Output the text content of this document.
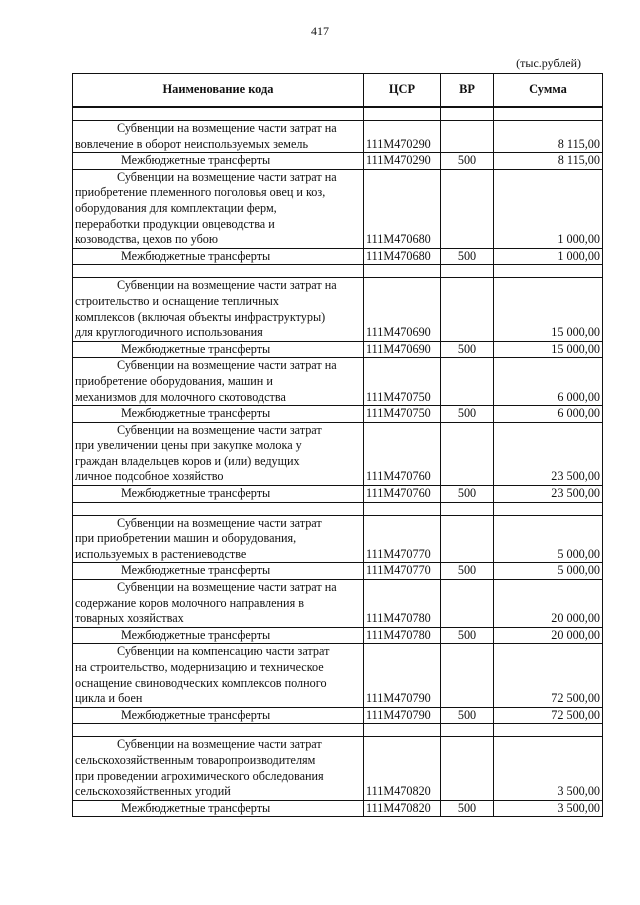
417
(тыс.рублей)
Наименование кода	ЦСР	ВР	Сумма

Субвенции на возмещение части затрат на
вовлечение в оборот неиспользуемых земель	111М470290		8 115,00
Межбюджетные трансферты	111М470290	500	8 115,00

Субвенции на возмещение части затрат на
приобретение племенного поголовья овец и коз,
оборудования для комплектации ферм,
переработки продукции овцеводства и
козоводства, цехов по убою	111М470680		1 000,00
Межбюджетные трансферты	111М470680	500	1 000,00

Субвенции на возмещение части затрат на
строительство и оснащение тепличных
комплексов (включая объекты инфраструктуры)
для круглогодичного использования	111М470690		15 000,00
Межбюджетные трансферты	111М470690	500	15 000,00

Субвенции на возмещение части затрат на
приобретение оборудования, машин и
механизмов для молочного скотоводства	111М470750		6 000,00
Межбюджетные трансферты	111М470750	500	6 000,00

Субвенции на возмещение части затрат
при увеличении цены при закупке молока у
граждан владельцев коров и (или) ведущих
личное подсобное хозяйство	111М470760		23 500,00
Межбюджетные трансферты	111М470760	500	23 500,00

Субвенции на возмещение части затрат
при приобретении машин и оборудования,
используемых в растениеводстве	111М470770		5 000,00
Межбюджетные трансферты	111М470770	500	5 000,00

Субвенции на возмещение части затрат на
содержание коров молочного направления в
товарных хозяйствах	111М470780		20 000,00
Межбюджетные трансферты	111М470780	500	20 000,00

Субвенции на компенсацию части затрат
на строительство, модернизацию и техническое
оснащение свиноводческих комплексов полного
цикла и боен	111М470790		72 500,00
Межбюджетные трансферты	111М470790	500	72 500,00

Субвенции на возмещение части затрат
сельскохозяйственным товаропроизводителям
при проведении агрохимического обследования
сельскохозяйственных угодий	111М470820		3 500,00
Межбюджетные трансферты	111М470820	500	3 500,00
